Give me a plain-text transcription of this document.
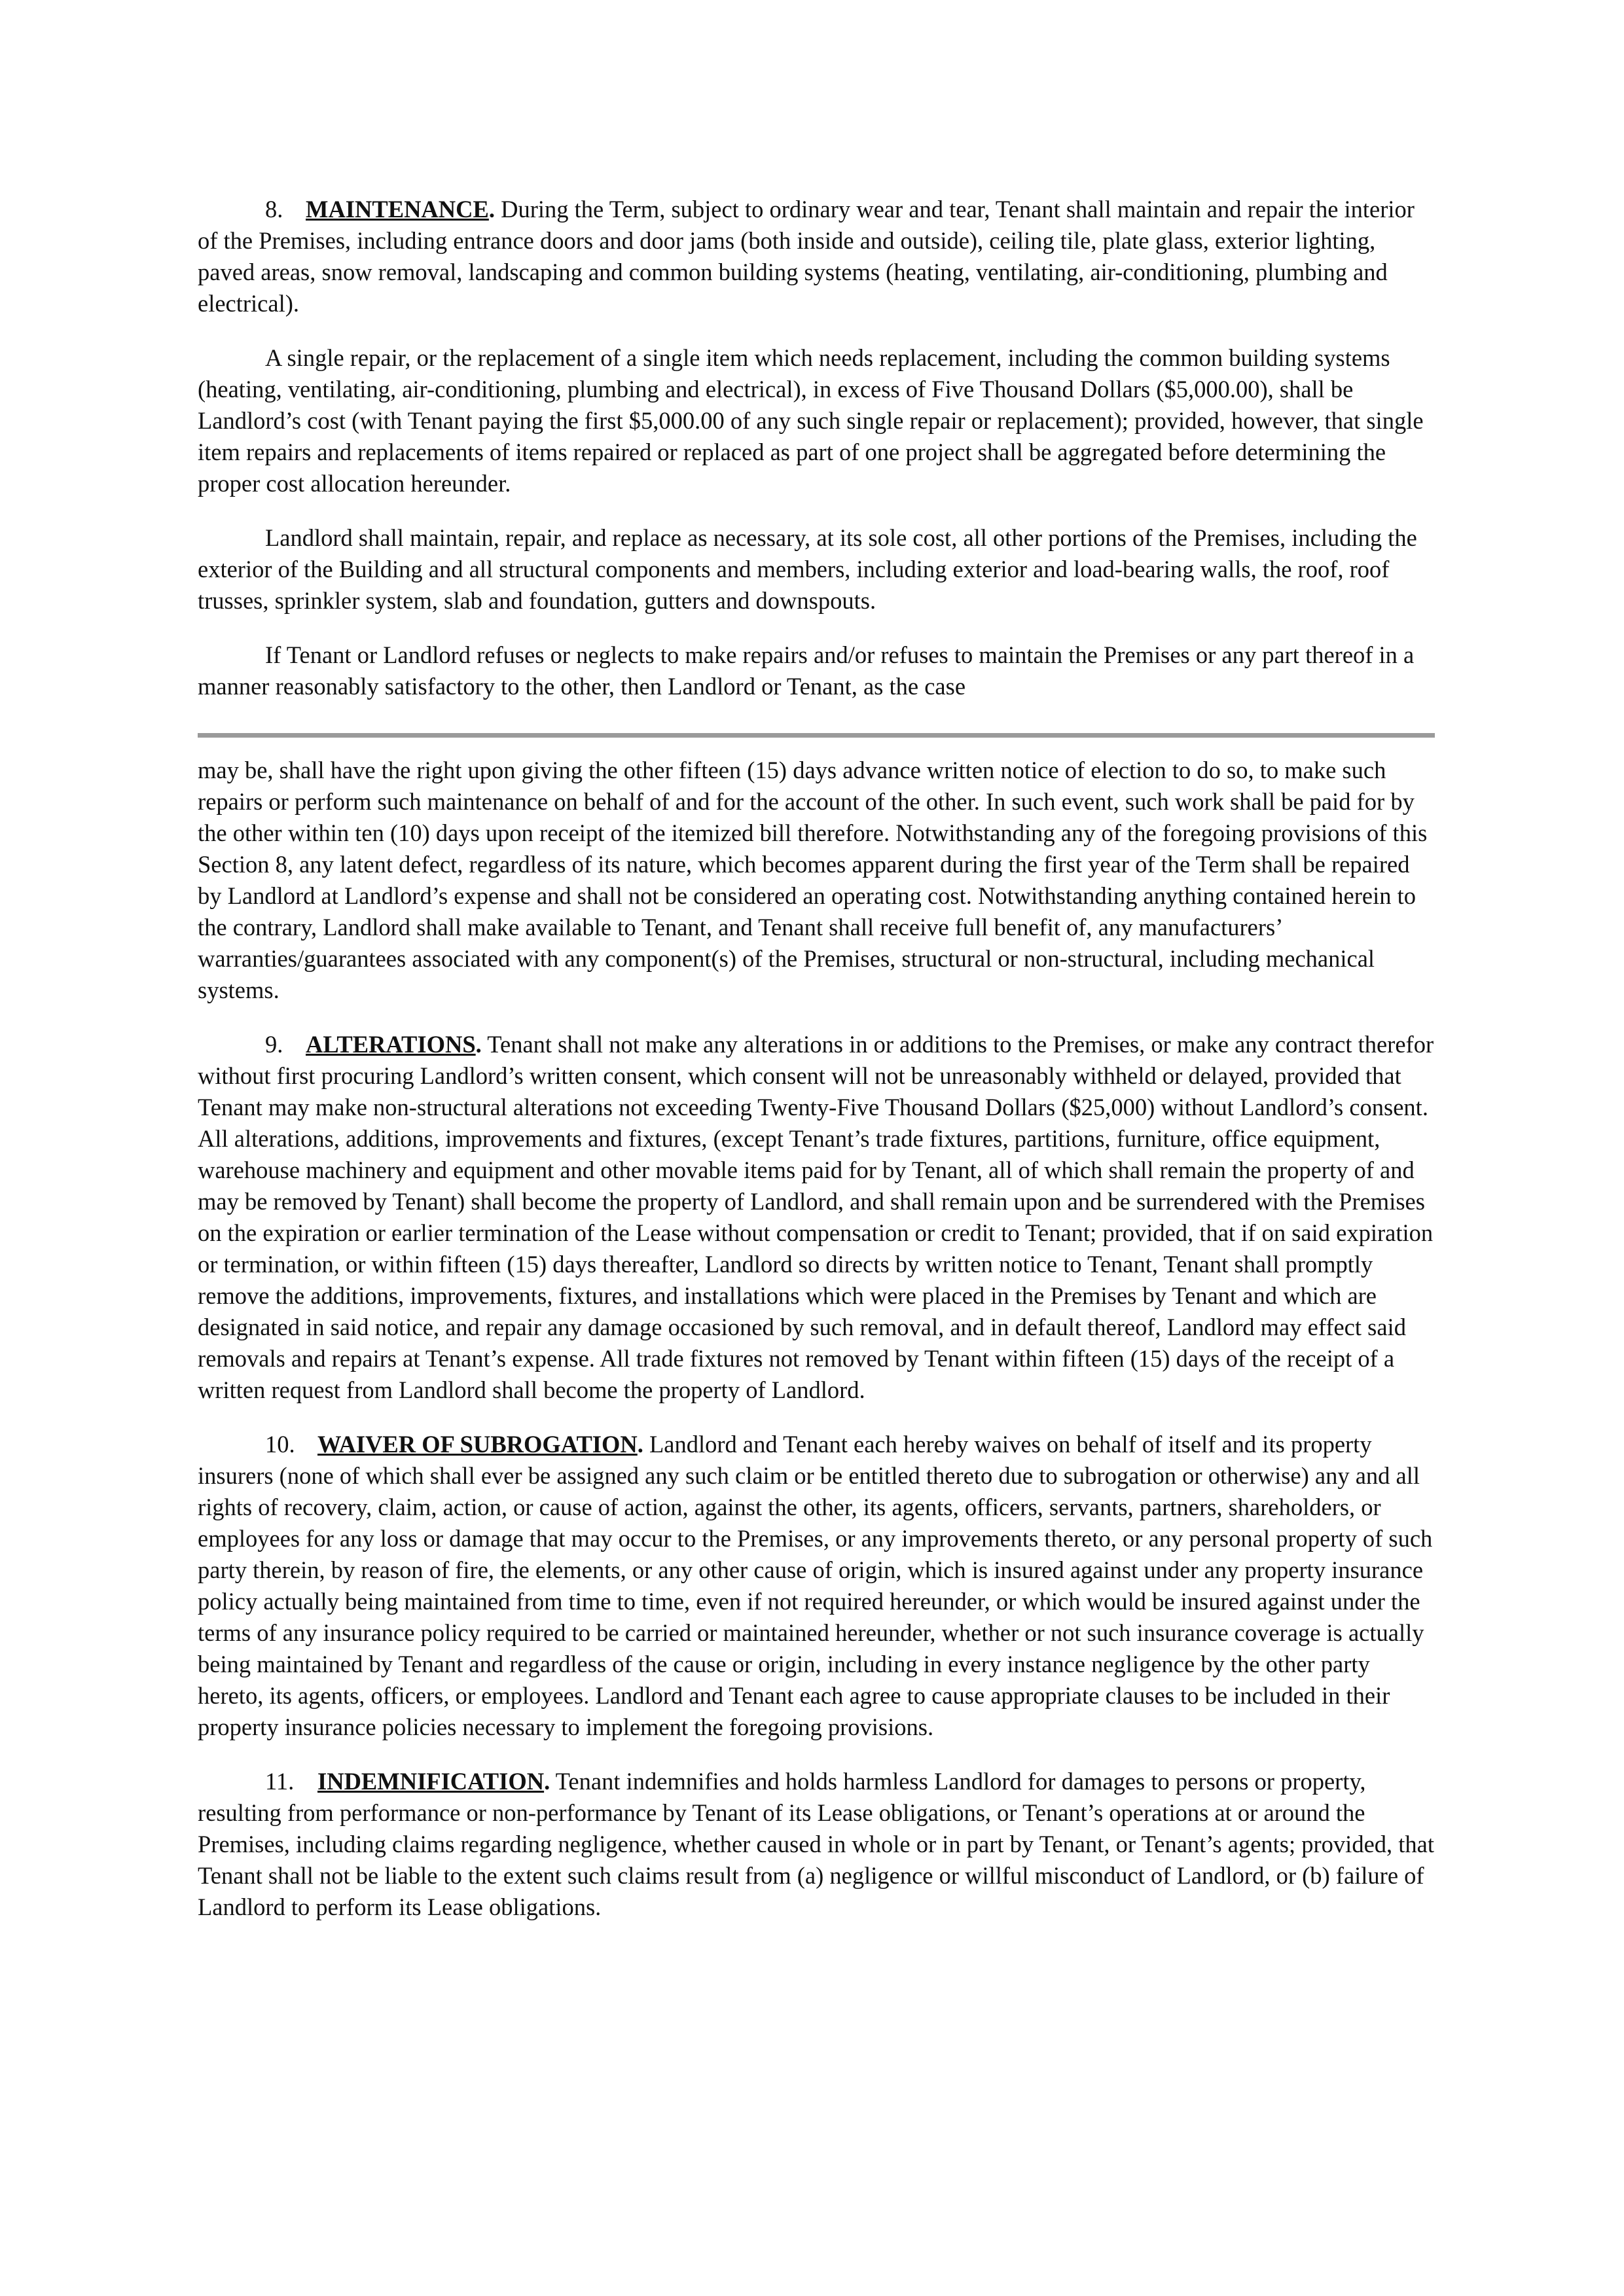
8. MAINTENANCE. During the Term, subject to ordinary wear and tear, Tenant shall maintain and repair the interior of the Premises, including entrance doors and door jams (both inside and outside), ceiling tile, plate glass, exterior lighting, paved areas, snow removal, landscaping and common building systems (heating, ventilating, air-conditioning, plumbing and electrical).

A single repair, or the replacement of a single item which needs replacement, including the common building systems (heating, ventilating, air-conditioning, plumbing and electrical), in excess of Five Thousand Dollars ($5,000.00), shall be Landlord’s cost (with Tenant paying the first $5,000.00 of any such single repair or replacement); provided, however, that single item repairs and replacements of items repaired or replaced as part of one project shall be aggregated before determining the proper cost allocation hereunder.

Landlord shall maintain, repair, and replace as necessary, at its sole cost, all other portions of the Premises, including the exterior of the Building and all structural components and members, including exterior and load-bearing walls, the roof, roof trusses, sprinkler system, slab and foundation, gutters and downspouts.

If Tenant or Landlord refuses or neglects to make repairs and/or refuses to maintain the Premises or any part thereof in a manner reasonably satisfactory to the other, then Landlord or Tenant, as the case

may be, shall have the right upon giving the other fifteen (15) days advance written notice of election to do so, to make such repairs or perform such maintenance on behalf of and for the account of the other. In such event, such work shall be paid for by the other within ten (10) days upon receipt of the itemized bill therefore. Notwithstanding any of the foregoing provisions of this Section 8, any latent defect, regardless of its nature, which becomes apparent during the first year of the Term shall be repaired by Landlord at Landlord’s expense and shall not be considered an operating cost. Notwithstanding anything contained herein to the contrary, Landlord shall make available to Tenant, and Tenant shall receive full benefit of, any manufacturers’ warranties/guarantees associated with any component(s) of the Premises, structural or non-structural, including mechanical systems.

9. ALTERATIONS. Tenant shall not make any alterations in or additions to the Premises, or make any contract therefor without first procuring Landlord’s written consent, which consent will not be unreasonably withheld or delayed, provided that Tenant may make non-structural alterations not exceeding Twenty-Five Thousand Dollars ($25,000) without Landlord’s consent. All alterations, additions, improvements and fixtures, (except Tenant’s trade fixtures, partitions, furniture, office equipment, warehouse machinery and equipment and other movable items paid for by Tenant, all of which shall remain the property of and may be removed by Tenant) shall become the property of Landlord, and shall remain upon and be surrendered with the Premises on the expiration or earlier termination of the Lease without compensation or credit to Tenant; provided, that if on said expiration or termination, or within fifteen (15) days thereafter, Landlord so directs by written notice to Tenant, Tenant shall promptly remove the additions, improvements, fixtures, and installations which were placed in the Premises by Tenant and which are designated in said notice, and repair any damage occasioned by such removal, and in default thereof, Landlord may effect said removals and repairs at Tenant’s expense. All trade fixtures not removed by Tenant within fifteen (15) days of the receipt of a written request from Landlord shall become the property of Landlord.

10. WAIVER OF SUBROGATION. Landlord and Tenant each hereby waives on behalf of itself and its property insurers (none of which shall ever be assigned any such claim or be entitled thereto due to subrogation or otherwise) any and all rights of recovery, claim, action, or cause of action, against the other, its agents, officers, servants, partners, shareholders, or employees for any loss or damage that may occur to the Premises, or any improvements thereto, or any personal property of such party therein, by reason of fire, the elements, or any other cause of origin, which is insured against under any property insurance policy actually being maintained from time to time, even if not required hereunder, or which would be insured against under the terms of any insurance policy required to be carried or maintained hereunder, whether or not such insurance coverage is actually being maintained by Tenant and regardless of the cause or origin, including in every instance negligence by the other party hereto, its agents, officers, or employees. Landlord and Tenant each agree to cause appropriate clauses to be included in their property insurance policies necessary to implement the foregoing provisions.

11. INDEMNIFICATION. Tenant indemnifies and holds harmless Landlord for damages to persons or property, resulting from performance or non-performance by Tenant of its Lease obligations, or Tenant’s operations at or around the Premises, including claims regarding negligence, whether caused in whole or in part by Tenant, or Tenant’s agents; provided, that Tenant shall not be liable to the extent such claims result from (a) negligence or willful misconduct of Landlord, or (b) failure of Landlord to perform its Lease obligations.
